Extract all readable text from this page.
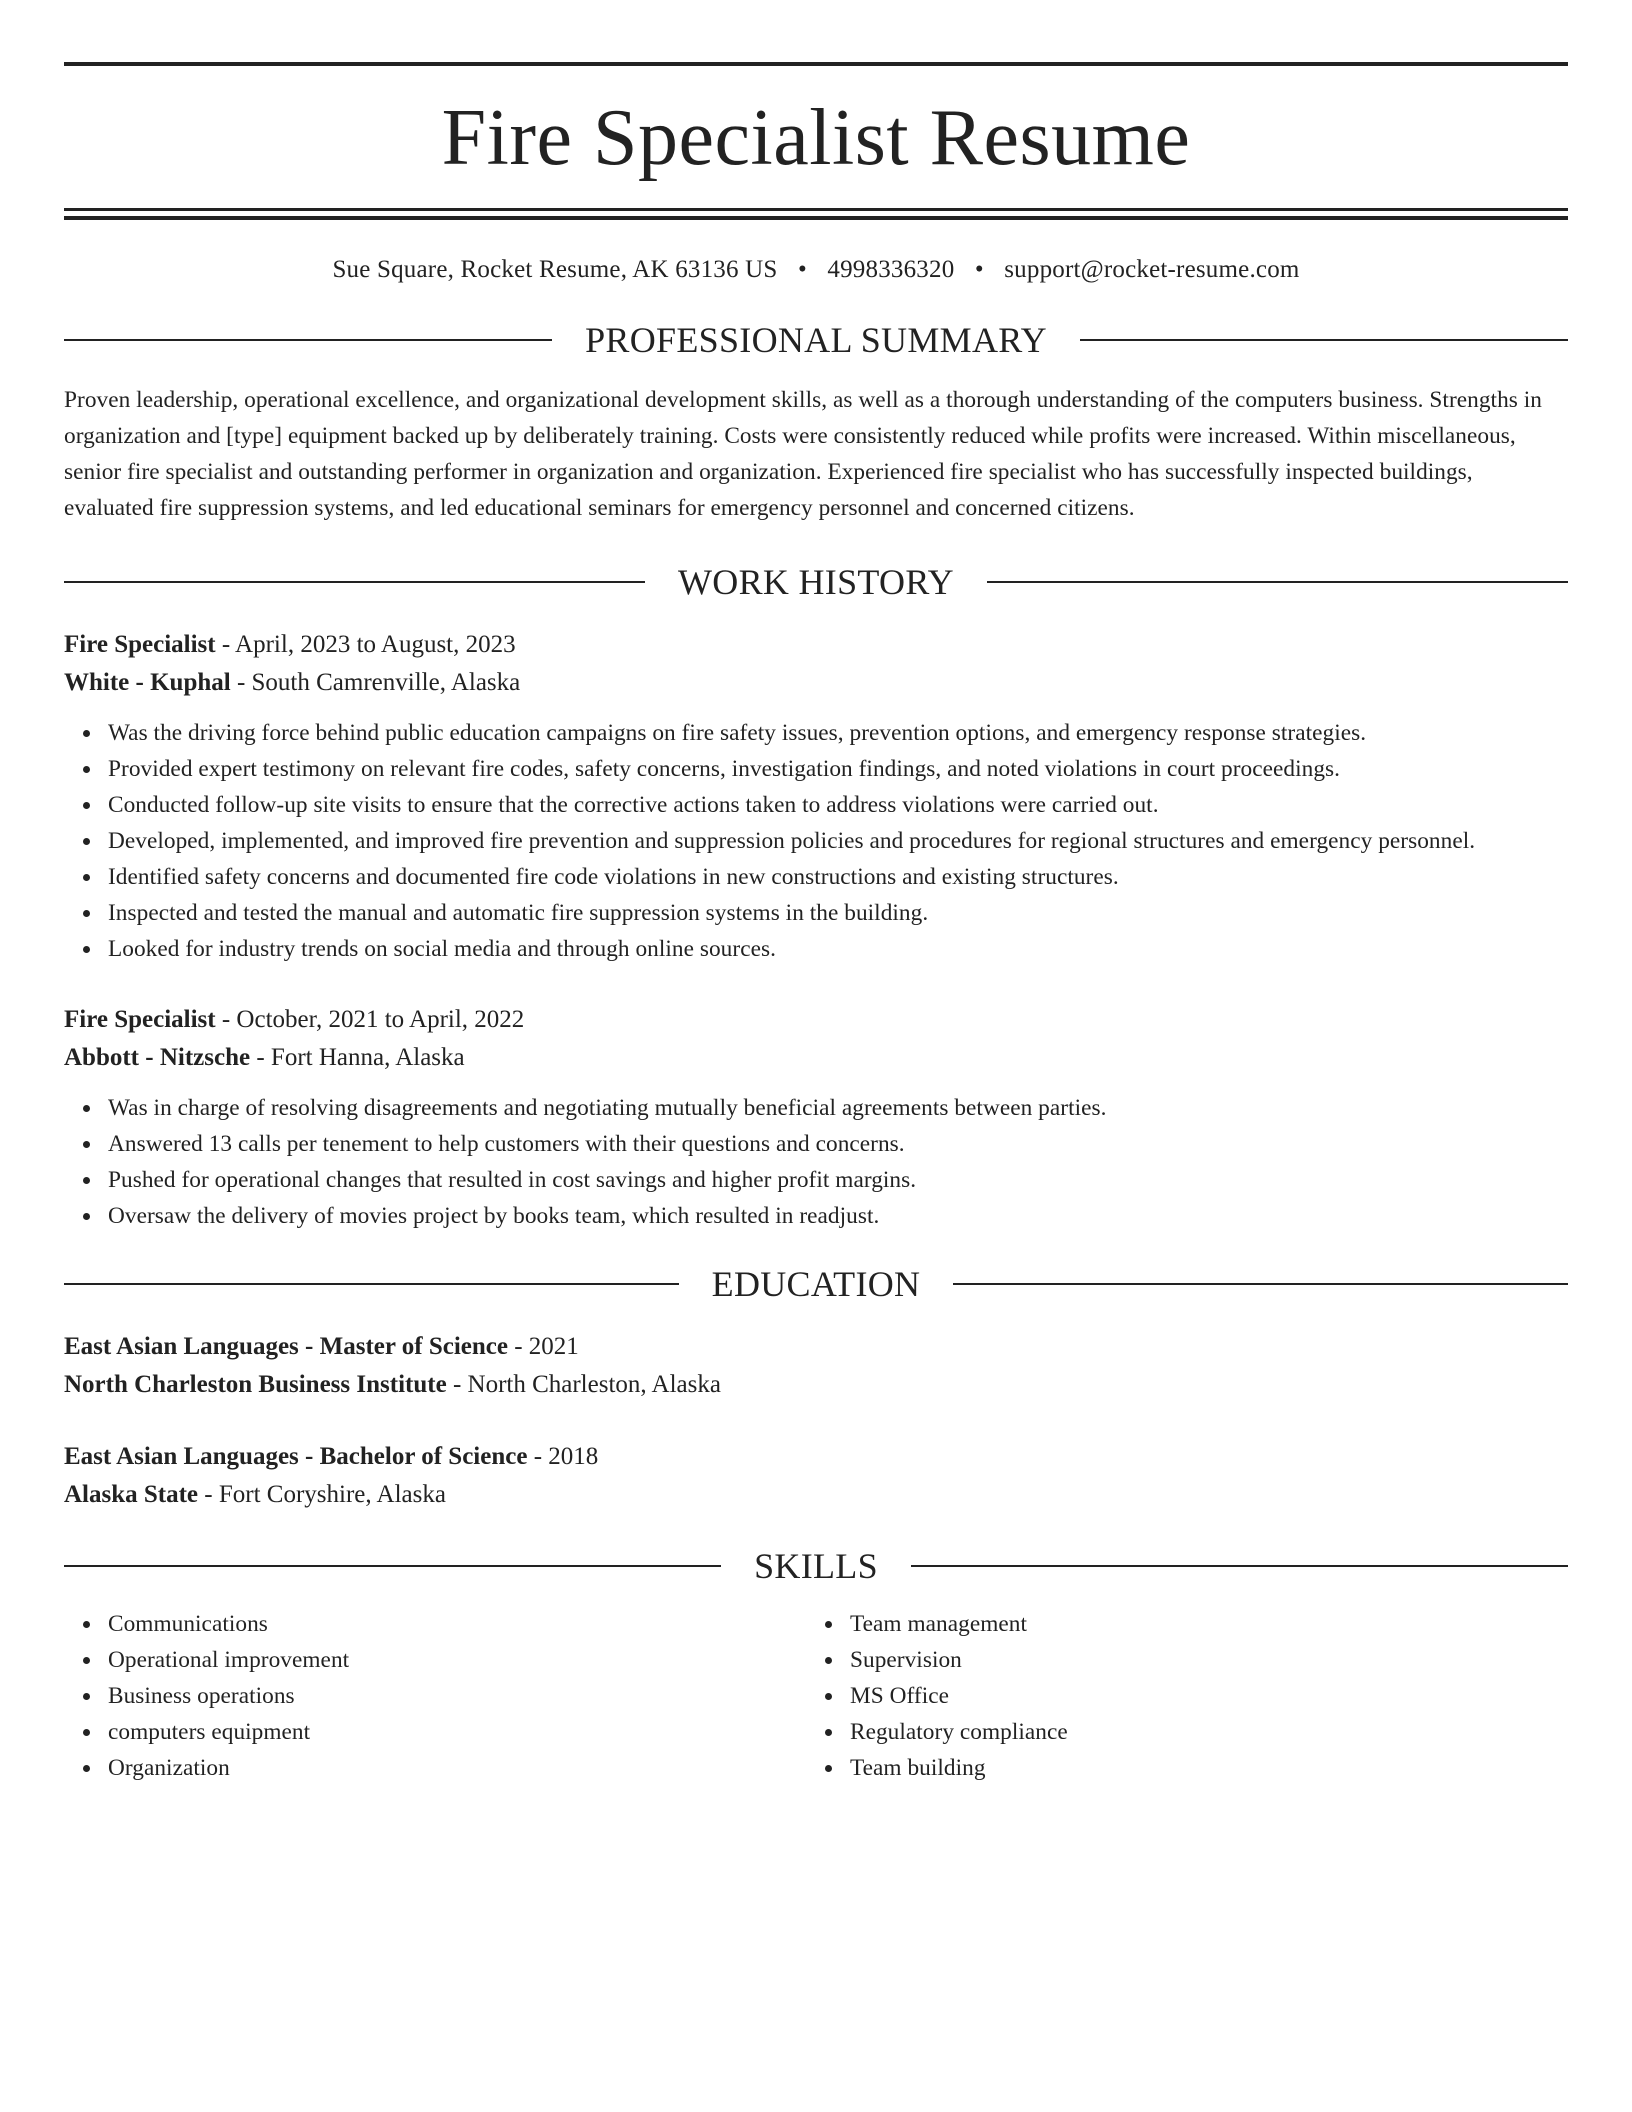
Fire Specialist Resume
Sue Square, Rocket Resume, AK 63136 US • 4998336320 • support@rocket-resume.com
PROFESSIONAL SUMMARY
Proven leadership, operational excellence, and organizational development skills, as well as a thorough understanding of the computers business. Strengths in organization and [type] equipment backed up by deliberately training. Costs were consistently reduced while profits were increased. Within miscellaneous, senior fire specialist and outstanding performer in organization and organization. Experienced fire specialist who has successfully inspected buildings, evaluated fire suppression systems, and led educational seminars for emergency personnel and concerned citizens.
WORK HISTORY
Fire Specialist - April, 2023 to August, 2023
White - Kuphal - South Camrenville, Alaska
Was the driving force behind public education campaigns on fire safety issues, prevention options, and emergency response strategies.
Provided expert testimony on relevant fire codes, safety concerns, investigation findings, and noted violations in court proceedings.
Conducted follow-up site visits to ensure that the corrective actions taken to address violations were carried out.
Developed, implemented, and improved fire prevention and suppression policies and procedures for regional structures and emergency personnel.
Identified safety concerns and documented fire code violations in new constructions and existing structures.
Inspected and tested the manual and automatic fire suppression systems in the building.
Looked for industry trends on social media and through online sources.
Fire Specialist - October, 2021 to April, 2022
Abbott - Nitzsche - Fort Hanna, Alaska
Was in charge of resolving disagreements and negotiating mutually beneficial agreements between parties.
Answered 13 calls per tenement to help customers with their questions and concerns.
Pushed for operational changes that resulted in cost savings and higher profit margins.
Oversaw the delivery of movies project by books team, which resulted in readjust.
EDUCATION
East Asian Languages - Master of Science - 2021
North Charleston Business Institute - North Charleston, Alaska
East Asian Languages - Bachelor of Science - 2018
Alaska State - Fort Coryshire, Alaska
SKILLS
Communications
Operational improvement
Business operations
computers equipment
Organization
Team management
Supervision
MS Office
Regulatory compliance
Team building
